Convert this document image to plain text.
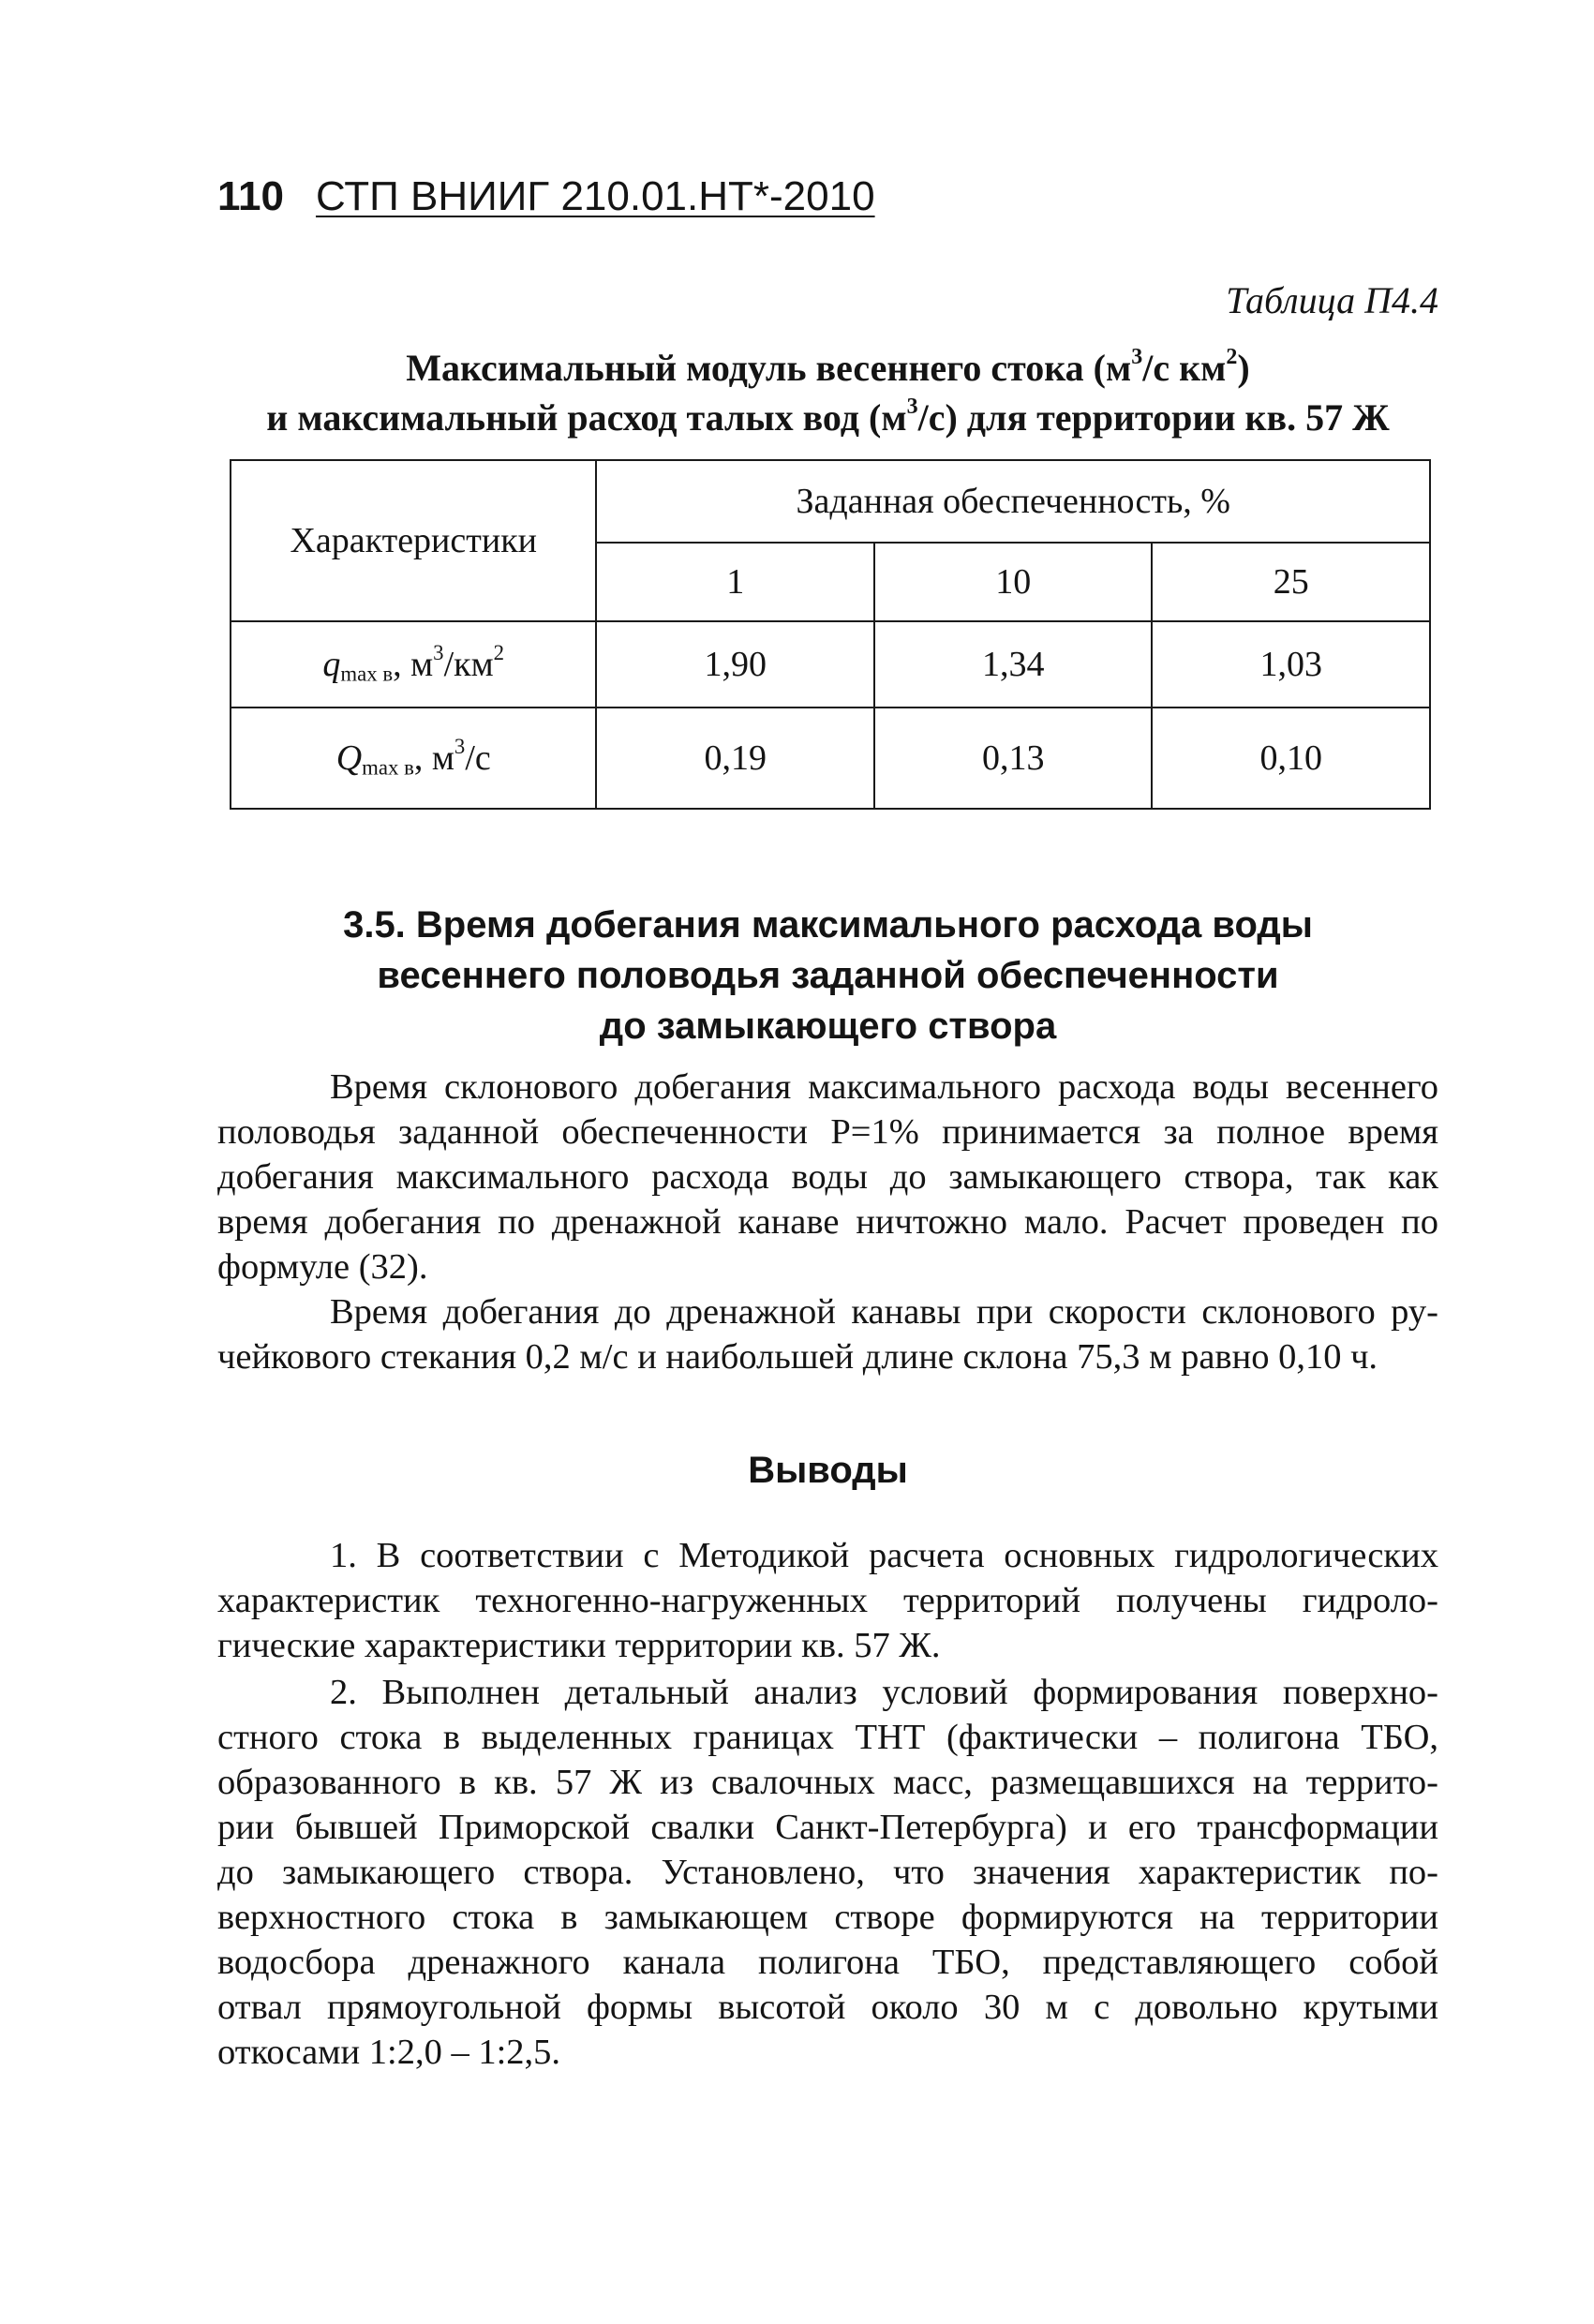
110 СТП ВНИИГ 210.01.НТ*-2010
Таблица П4.4
Максимальный модуль весеннего стока ($м^3/с$ $км^2$)
и максимальный расход талых вод $(м^3/с)$ для территории кв. 57 Ж
Характеристики	Заданная обеспеченность, %		
	1	10	25
$q_{max в}$, $м^3/км^2$	1,90	1,34	1,03
$Q_{max в}$, $м^3/с$	0,19	0,13	0,10
3.5. Время добегания максимального расхода воды
весеннего половодья заданной обеспеченности
до замыкающего створа
Время склонового добегания максимального расхода воды весеннего
половодья заданной обеспеченности P=1% принимается за полное время
добегания максимального расхода воды до замыкающего створа, так как
время добегания по дренажной канаве ничтожно мало. Расчет проведен по
формуле (32).
Время добегания до дренажной канавы при скорости склонового ру-
чейкового стекания 0,2 м/с и наибольшей длине склона 75,3 м равно 0,10 ч.
Выводы
1. В соответствии с Методикой расчета основных гидрологических
характеристик техногенно-нагруженных территорий получены гидроло-
гические характеристики территории кв. 57 Ж.
2. Выполнен детальный анализ условий формирования поверхно-
стного стока в выделенных границах ТНТ (фактически – полигона ТБО,
образованного в кв. 57 Ж из свалочных масс, размещавшихся на террито-
рии бывшей Приморской свалки Санкт-Петербурга) и его трансформации
до замыкающего створа. Установлено, что значения характеристик по-
верхностного стока в замыкающем створе формируются на территории
водосбора дренажного канала полигона ТБО, представляющего собой
отвал прямоугольной формы высотой около 30 м с довольно крутыми
откосами 1:2,0 – 1:2,5.
